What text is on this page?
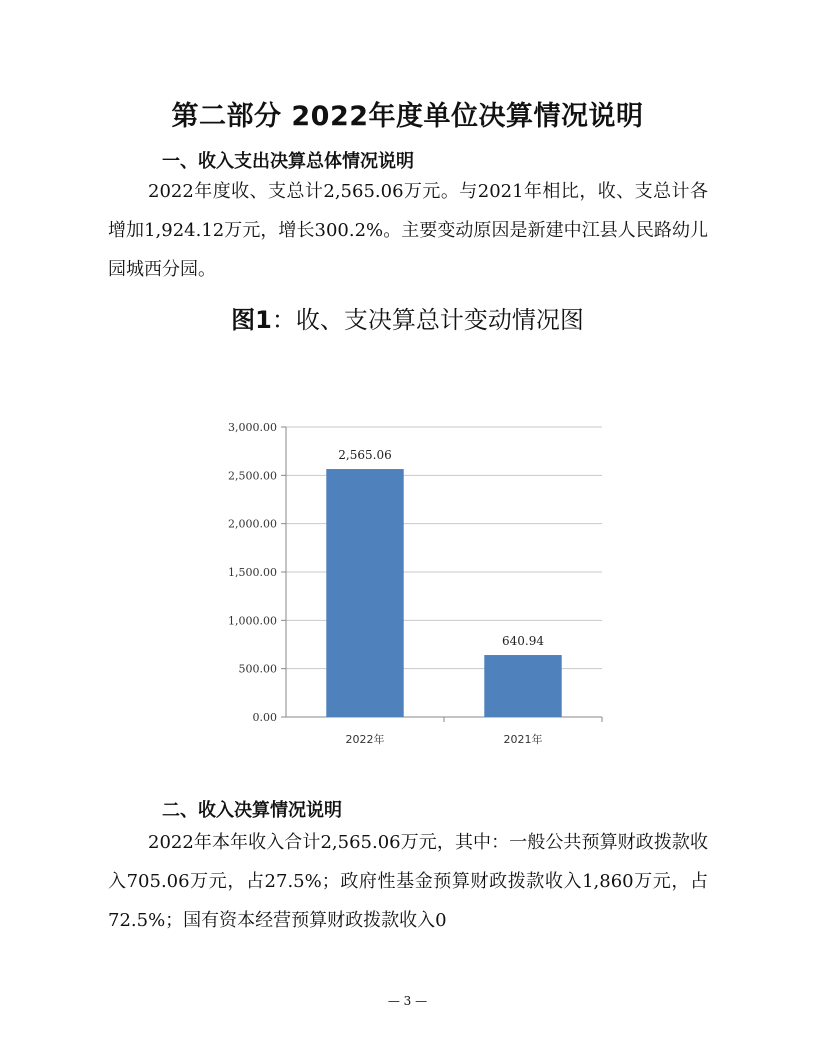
第二部分 2022年度单位决算情况说明
一、收入支出决算总体情况说明
2022年度收、支总计2,565.06万元。与2021年相比，收、支总计各增加1,924.12万元，增长300.2%。主要变动原因是新建中江县人民路幼儿园城西分园。
图1：收、支决算总计变动情况图
0.00
500.00
1,000.00
1,500.00
2,000.00
2,500.00
3,000.00
2,565.06
2022年
640.94
2021年
二、收入决算情况说明
2022年本年收入合计2,565.06万元，其中：一般公共预算财政拨款收入705.06万元，占27.5%；政府性基金预算财政拨款收入1,860万元，占72.5%；国有资本经营预算财政拨款收入0
— 3 —
